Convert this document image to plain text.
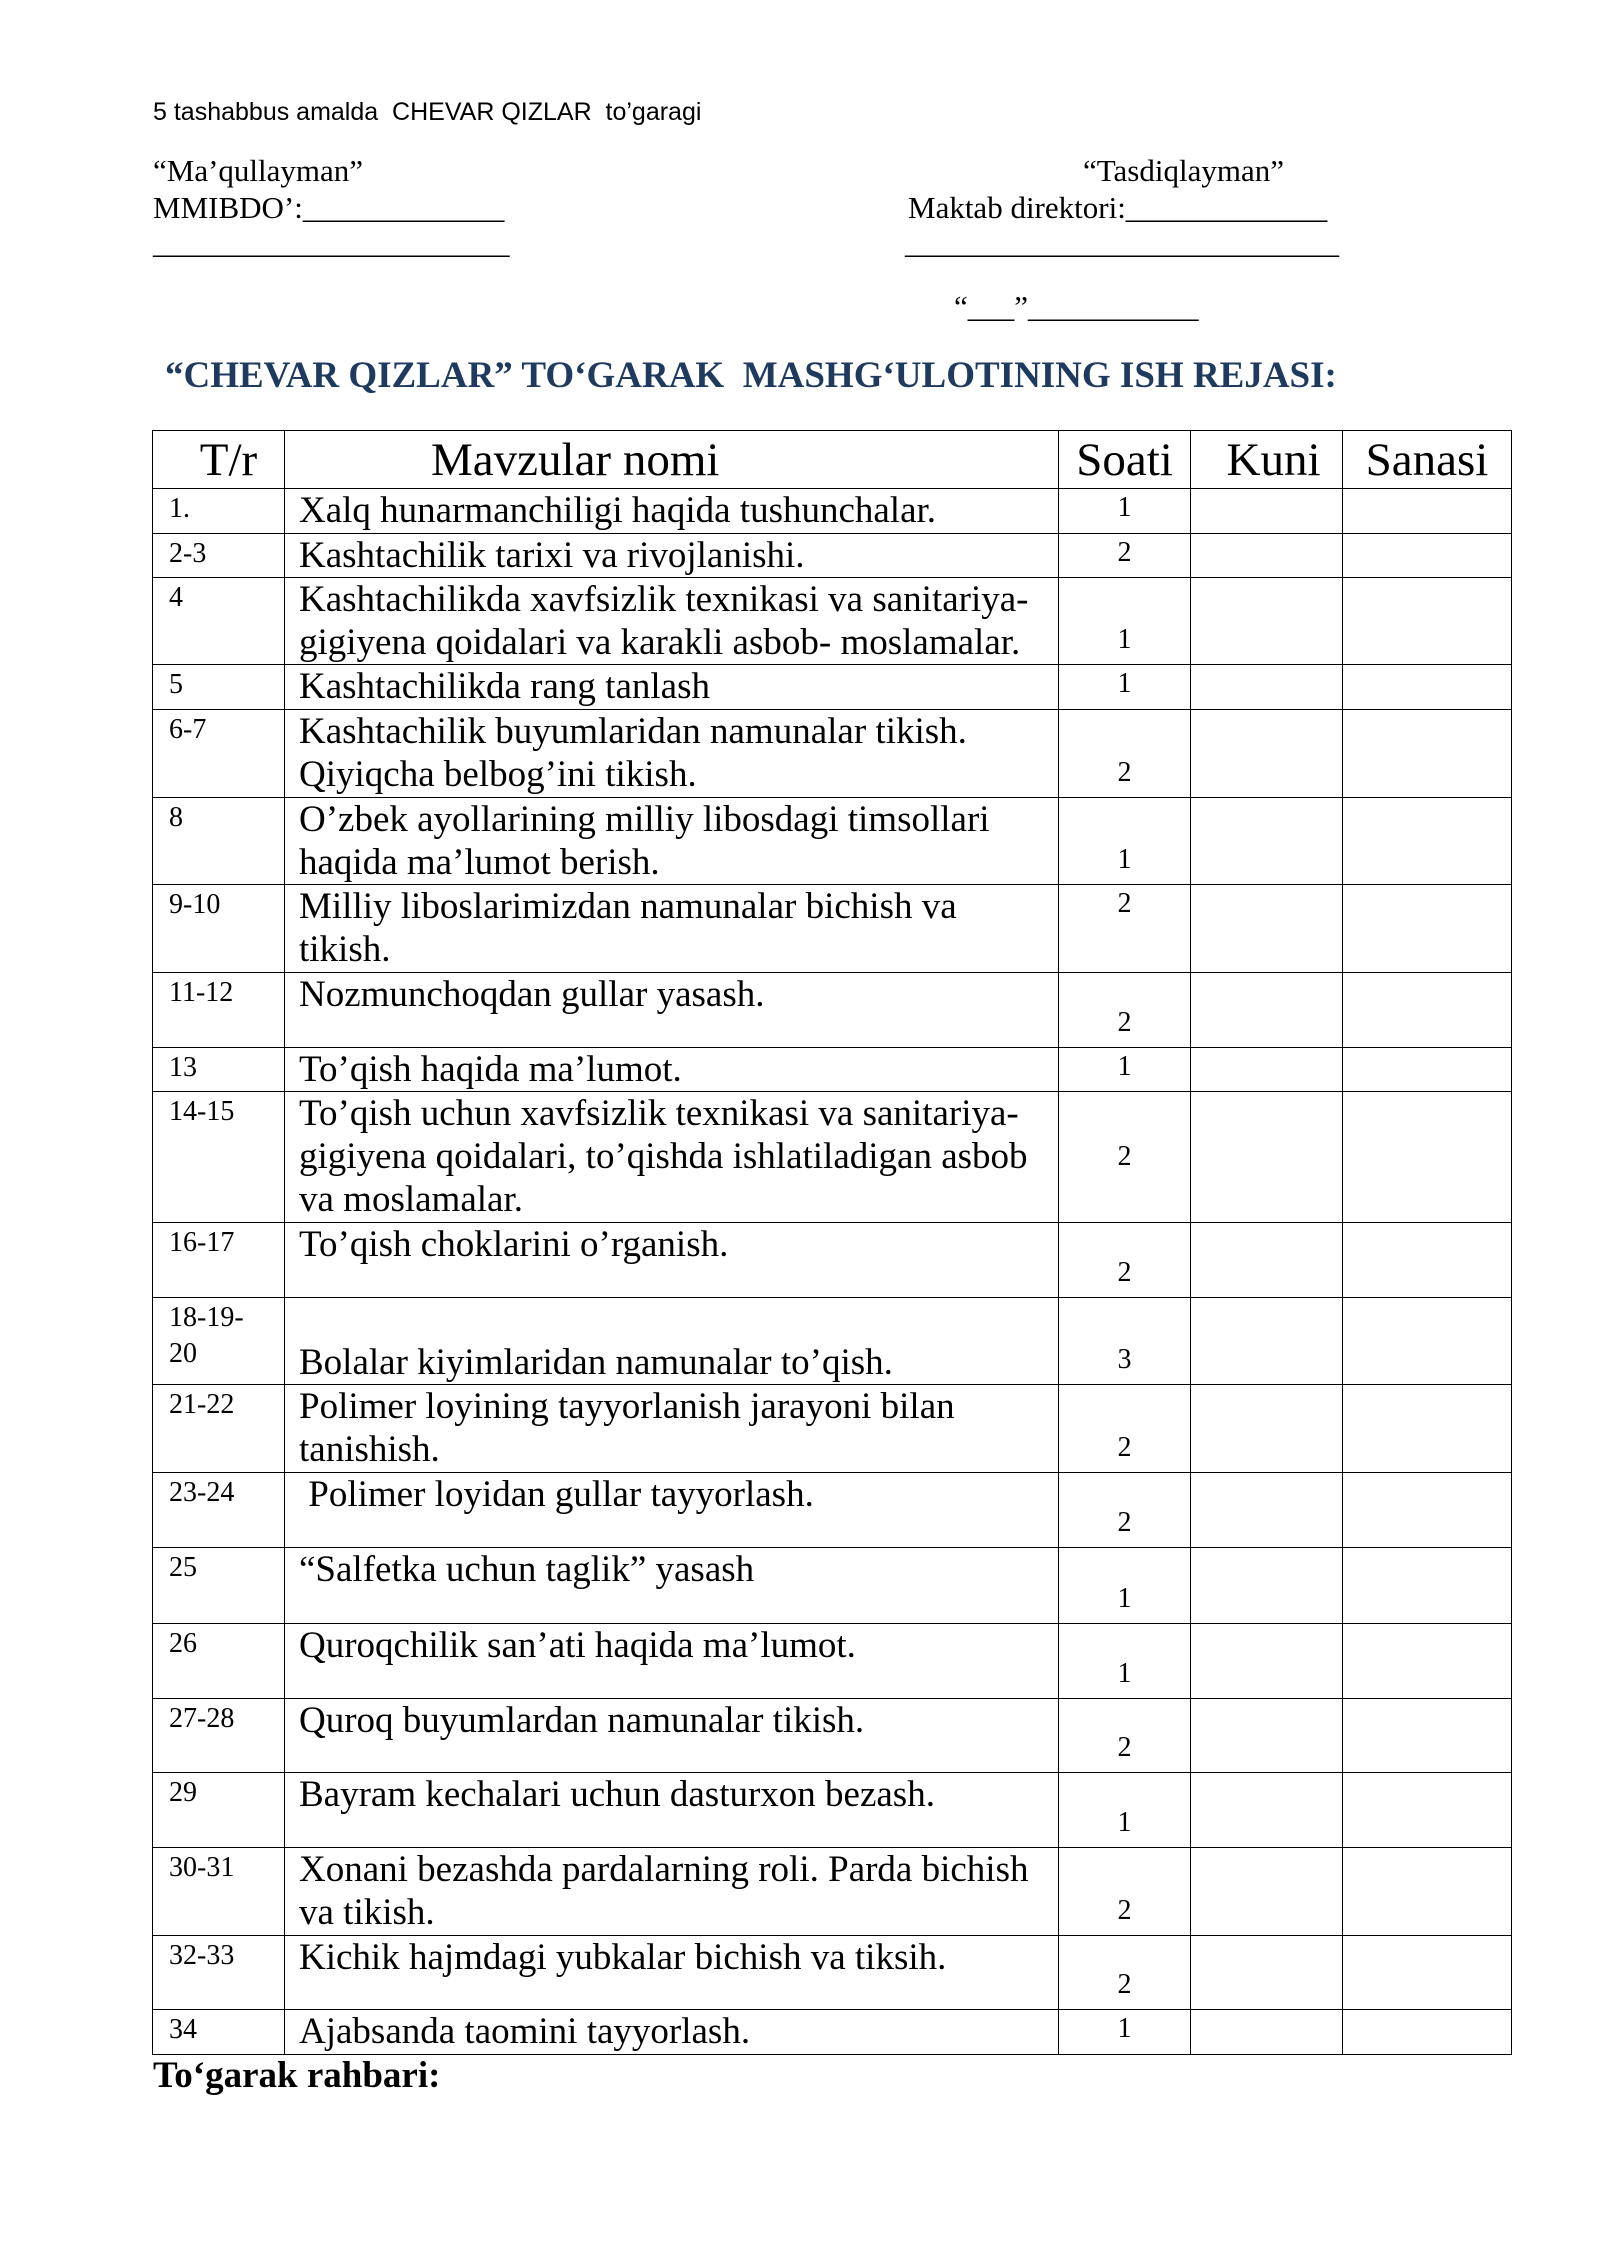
5 tashabbus amalda  CHEVAR QIZLAR  to’garagi
“Ma’qullayman”	“Tasdiqlayman”
MMIBDO’:_____________	Maktab direktori:_____________
_______________________	____________________________
“___”___________
“CHEVAR QIZLAR” TO‘GARAK  MASHG‘ULOTINING ISH REJASI:
T/r	Mavzular nomi	Soati	Kuni	Sanasi
1.	Xalq hunarmanchiligi haqida tushunchalar.	1		
2-3	Kashtachilik tarixi va rivojlanishi.	2		
4	Kashtachilikda xavfsizlik texnikasi va sanitariya-gigiyena qoidalari va karakli asbob- moslamalar.	1		
5	Kashtachilikda rang tanlash	1		
6-7	Kashtachilik buyumlaridan namunalar tikish. Qiyiqcha belbog’ini tikish.	2		
8	O’zbek ayollarining milliy libosdagi timsollari haqida ma’lumot berish.	1		
9-10	Milliy liboslarimizdan namunalar bichish va tikish.	2		
11-12	Nozmunchoqdan gullar yasash.	2		
13	To’qish haqida ma’lumot.	1		
14-15	To’qish uchun xavfsizlik texnikasi va sanitariya-gigiyena qoidalari, to’qishda ishlatiladigan asbob va moslamalar.	2		
16-17	To’qish choklarini o’rganish.	2		
18-19-20	Bolalar kiyimlaridan namunalar to’qish.	3		
21-22	Polimer loyining tayyorlanish jarayoni bilan tanishish.	2		
23-24	Polimer loyidan gullar tayyorlash.	2		
25	“Salfetka uchun taglik” yasash	1		
26	Quroqchilik san’ati haqida ma’lumot.	1		
27-28	Quroq buyumlardan namunalar tikish.	2		
29	Bayram kechalari uchun dasturxon bezash.	1		
30-31	Xonani bezashda pardalarning roli. Parda bichish va tikish.	2		
32-33	Kichik hajmdagi yubkalar bichish va tiksih.	2		
34	Ajabsanda taomini tayyorlash.	1		
To‘garak rahbari:
